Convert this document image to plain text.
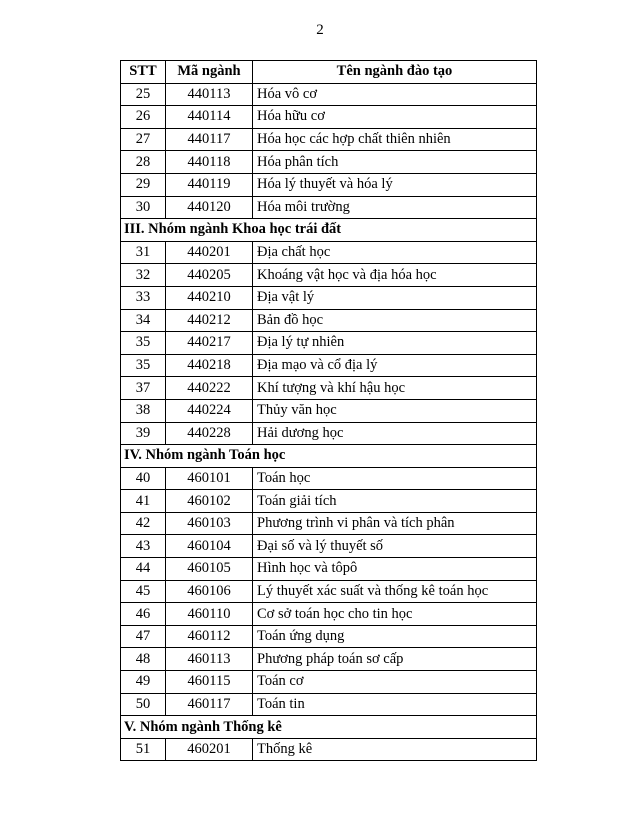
2
STT	Mã ngành	Tên ngành đào tạo
25	440113	Hóa vô cơ
26	440114	Hóa hữu cơ
27	440117	Hóa học các hợp chất thiên nhiên
28	440118	Hóa phân tích
29	440119	Hóa lý thuyết và hóa lý
30	440120	Hóa môi trường
III. Nhóm ngành Khoa học trái đất		
31	440201	Địa chất học
32	440205	Khoáng vật học và địa hóa học
33	440210	Địa vật lý
34	440212	Bản đồ học
35	440217	Địa lý tự nhiên
35	440218	Địa mạo và cổ địa lý
37	440222	Khí tượng và khí hậu học
38	440224	Thủy văn học
39	440228	Hải dương học
IV. Nhóm ngành Toán học		
40	460101	Toán học
41	460102	Toán giải tích
42	460103	Phương trình vi phân và tích phân
43	460104	Đại số và lý thuyết số
44	460105	Hình học và tôpô
45	460106	Lý thuyết xác suất và thống kê toán học
46	460110	Cơ sở toán học cho tin học
47	460112	Toán ứng dụng
48	460113	Phương pháp toán sơ cấp
49	460115	Toán cơ
50	460117	Toán tin
V. Nhóm ngành Thống kê		
51	460201	Thống kê
